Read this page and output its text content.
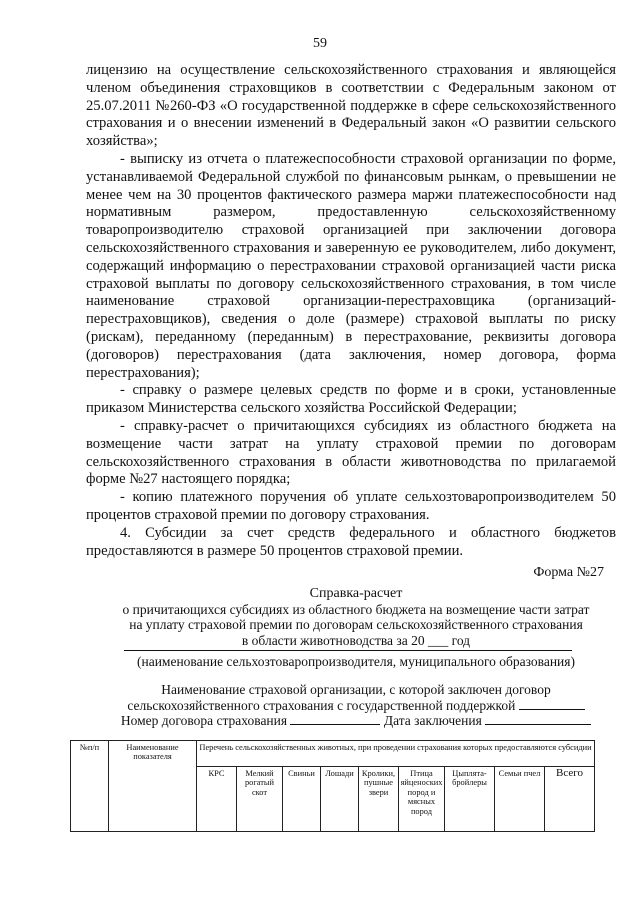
59

лицензию на осуществление сельскохозяйственного страхования и являющейся членом объединения страховщиков в соответствии с Федеральным законом от 25.07.2011 №260-ФЗ «О государственной поддержке в сфере сельскохозяйственного страхования и о внесении изменений в Федеральный закон «О развитии сельского хозяйства»;

- выписку из отчета о платежеспособности страховой организации по форме, устанавливаемой Федеральной службой по финансовым рынкам, о превышении не менее чем на 30 процентов фактического размера маржи платежеспособности над нормативным размером, предоставленную сельскохозяйственному товаропроизводителю страховой организацией при заключении договора сельскохозяйственного страхования и заверенную ее руководителем, либо документ, содержащий информацию о перестраховании страховой организацией части риска страховой выплаты по договору сельскохозяйственного страхования, в том числе наименование страховой организации-перестраховщика (организаций-перестраховщиков), сведения о доле (размере) страховой выплаты по риску (рискам), переданному (переданным) в перестрахование, реквизиты договора (договоров) перестрахования (дата заключения, номер договора, форма перестрахования);

- справку о размере целевых средств по форме и в сроки, установленные приказом Министерства сельского хозяйства Российской Федерации;

- справку-расчет о причитающихся субсидиях из областного бюджета на возмещение части затрат на уплату страховой премии по договорам сельскохозяйственного страхования в области животноводства по прилагаемой форме №27 настоящего порядка;

- копию платежного поручения об уплате сельхозтоваропроизводителем 50 процентов страховой премии по договору страхования.

4. Субсидии за счет средств федерального и областного бюджетов предоставляются в размере 50 процентов страховой премии.

Форма №27
Справка-расчет
о причитающихся субсидиях из областного бюджета на возмещение части затрат
на уплату страховой премии по договорам сельскохозяйственного страхования
в области животноводства за 20 ___ год
(наименование сельхозтоваропроизводителя, муниципального образования)
Наименование страховой организации, с которой заключен договор
сельскохозяйственного страхования с государственной поддержкой
Номер договора страхования	Дата заключения
№п/п	Наименование показателя	Перечень сельскохозяйственных животных, при проведении страхования которых предоставляются субсидии								
		КРС	Мелкий рогатый скот	Свиньи	Лошади	Кролики, пушные звери	Птица яйценоских пород и мясных пород	Цыплята-бройлеры	Семьи пчел	Всего
